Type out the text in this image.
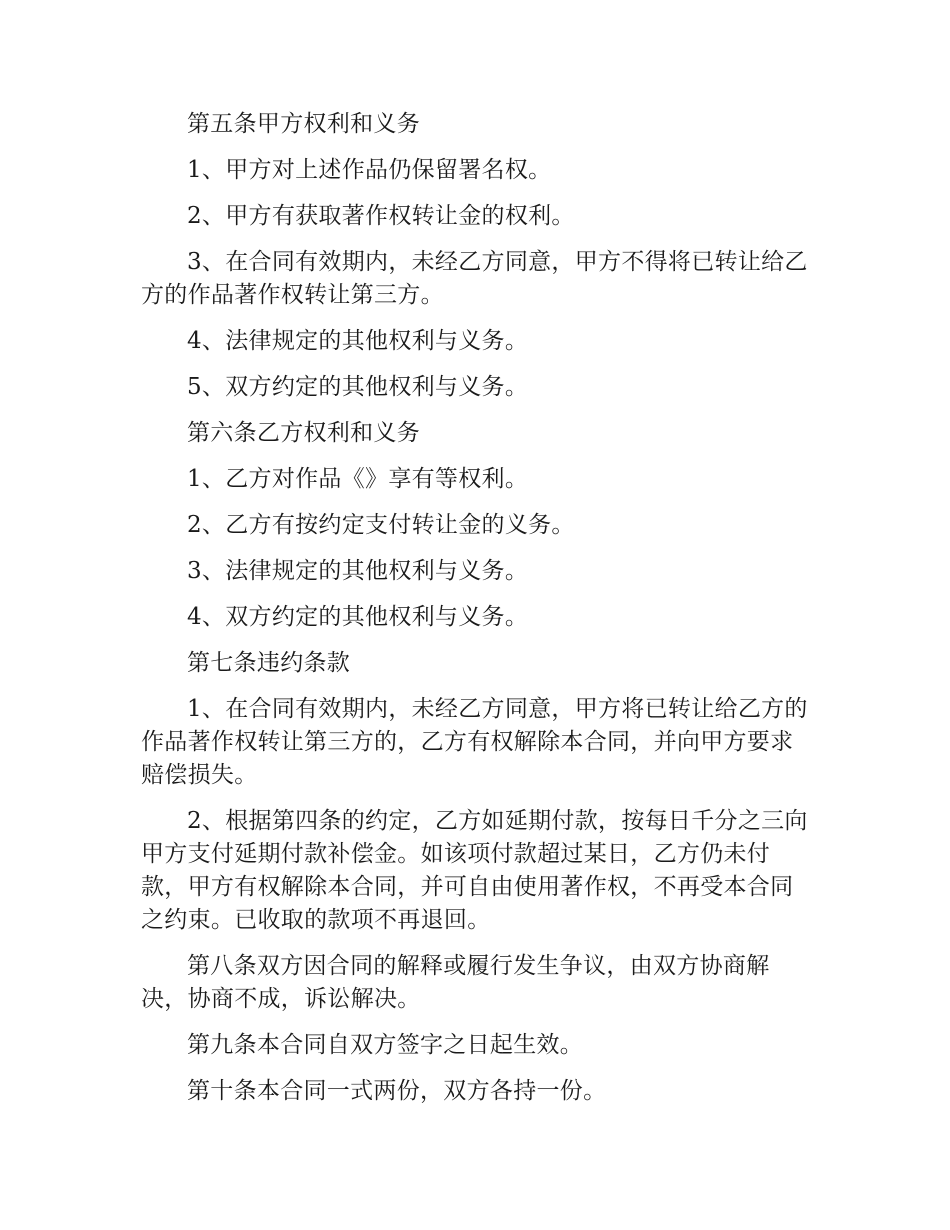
第五条甲方权利和义务

1、甲方对上述作品仍保留署名权。

2、甲方有获取著作权转让金的权利。

3、在合同有效期内，未经乙方同意，甲方不得将已转让给乙方的作品著作权转让第三方。

4、法律规定的其他权利与义务。

5、双方约定的其他权利与义务。

第六条乙方权利和义务

1、乙方对作品《》享有等权利。

2、乙方有按约定支付转让金的义务。

3、法律规定的其他权利与义务。

4、双方约定的其他权利与义务。

第七条违约条款

1、在合同有效期内，未经乙方同意，甲方将已转让给乙方的作品著作权转让第三方的，乙方有权解除本合同，并向甲方要求赔偿损失。

2、根据第四条的约定，乙方如延期付款，按每日千分之三向甲方支付延期付款补偿金。如该项付款超过某日，乙方仍未付款，甲方有权解除本合同，并可自由使用著作权，不再受本合同之约束。已收取的款项不再退回。

第八条双方因合同的解释或履行发生争议，由双方协商解决，协商不成，诉讼解决。

第九条本合同自双方签字之日起生效。

第十条本合同一式两份，双方各持一份。
